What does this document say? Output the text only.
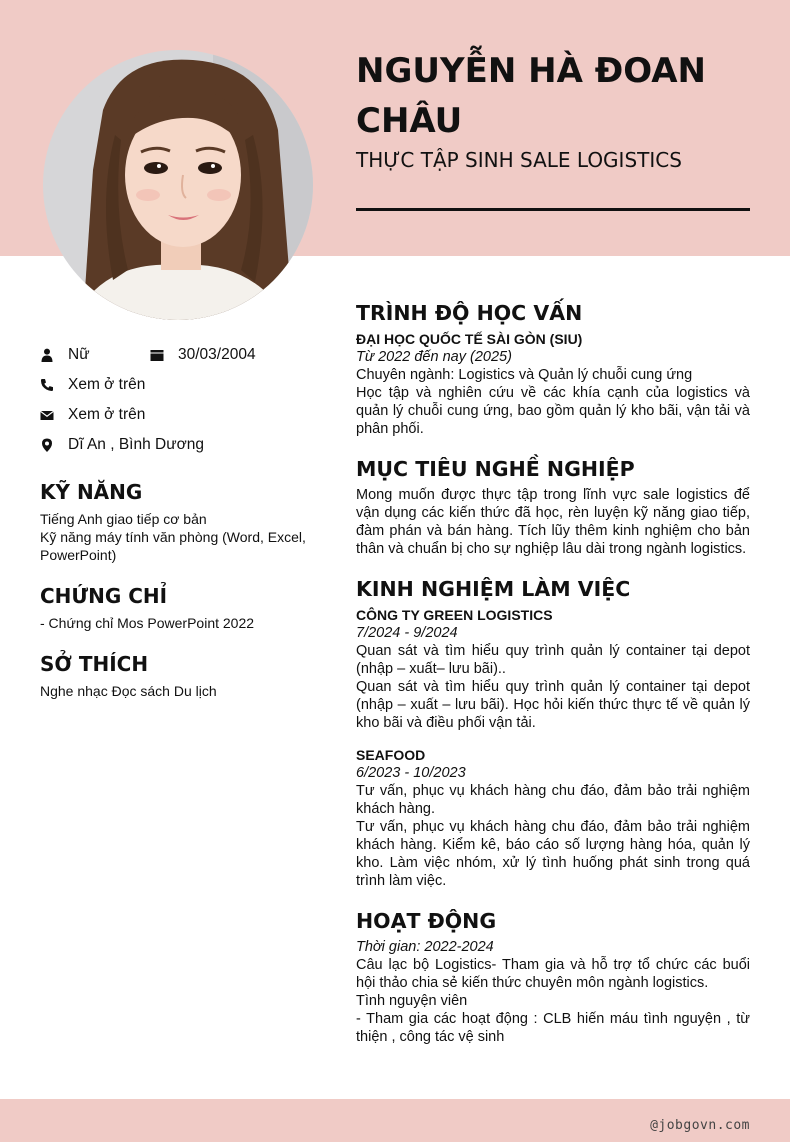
NGUYỄN HÀ ĐOAN CHÂU
THỰC TẬP SINH SALE LOGISTICS
Nữ	30/03/2004
Xem ở trên
Xem ở trên
Dĩ An , Bình Dương
KỸ NĂNG
Tiếng Anh giao tiếp cơ bản
Kỹ năng máy tính văn phòng (Word, Excel, PowerPoint)
CHỨNG CHỈ
- Chứng chỉ Mos PowerPoint 2022
SỞ THÍCH
Nghe nhạc Đọc sách Du lịch
TRÌNH ĐỘ HỌC VẤN
ĐẠI HỌC QUỐC TẾ SÀI GÒN (SIU)
Từ 2022 đến nay (2025)
Chuyên ngành: Logistics và Quản lý chuỗi cung ứng
Học tập và nghiên cứu về các khía cạnh của logistics và quản lý chuỗi cung ứng, bao gồm quản lý kho bãi, vận tải và phân phối.
MỤC TIÊU NGHỀ NGHIỆP
Mong muốn được thực tập trong lĩnh vực sale logistics để vận dụng các kiến thức đã học, rèn luyện kỹ năng giao tiếp, đàm phán và bán hàng. Tích lũy thêm kinh nghiệm cho bản thân và chuẩn bị cho sự nghiệp lâu dài trong ngành logistics.
KINH NGHIỆM LÀM VIỆC
CÔNG TY GREEN LOGISTICS
7/2024 - 9/2024
Quan sát và tìm hiểu quy trình quản lý container tại depot (nhập – xuất– lưu bãi)..
Quan sát và tìm hiểu quy trình quản lý container tại depot (nhập – xuất – lưu bãi). Học hỏi kiến thức thực tế về quản lý kho bãi và điều phối vận tải.
SEAFOOD
6/2023 - 10/2023
Tư vấn, phục vụ khách hàng chu đáo, đảm bảo trải nghiệm khách hàng.
Tư vấn, phục vụ khách hàng chu đáo, đảm bảo trải nghiệm khách hàng. Kiểm kê, báo cáo số lượng hàng hóa, quản lý kho. Làm việc nhóm, xử lý tình huống phát sinh trong quá trình làm việc.
HOẠT ĐỘNG
Thời gian: 2022-2024
Câu lạc bộ Logistics- Tham gia và hỗ trợ tổ chức các buổi hội thảo chia sẻ kiến thức chuyên môn ngành logistics.
Tình nguyện viên
- Tham gia các hoạt động : CLB hiến máu tình nguyện , từ thiện , công tác vệ sinh
@jobgovn.com
